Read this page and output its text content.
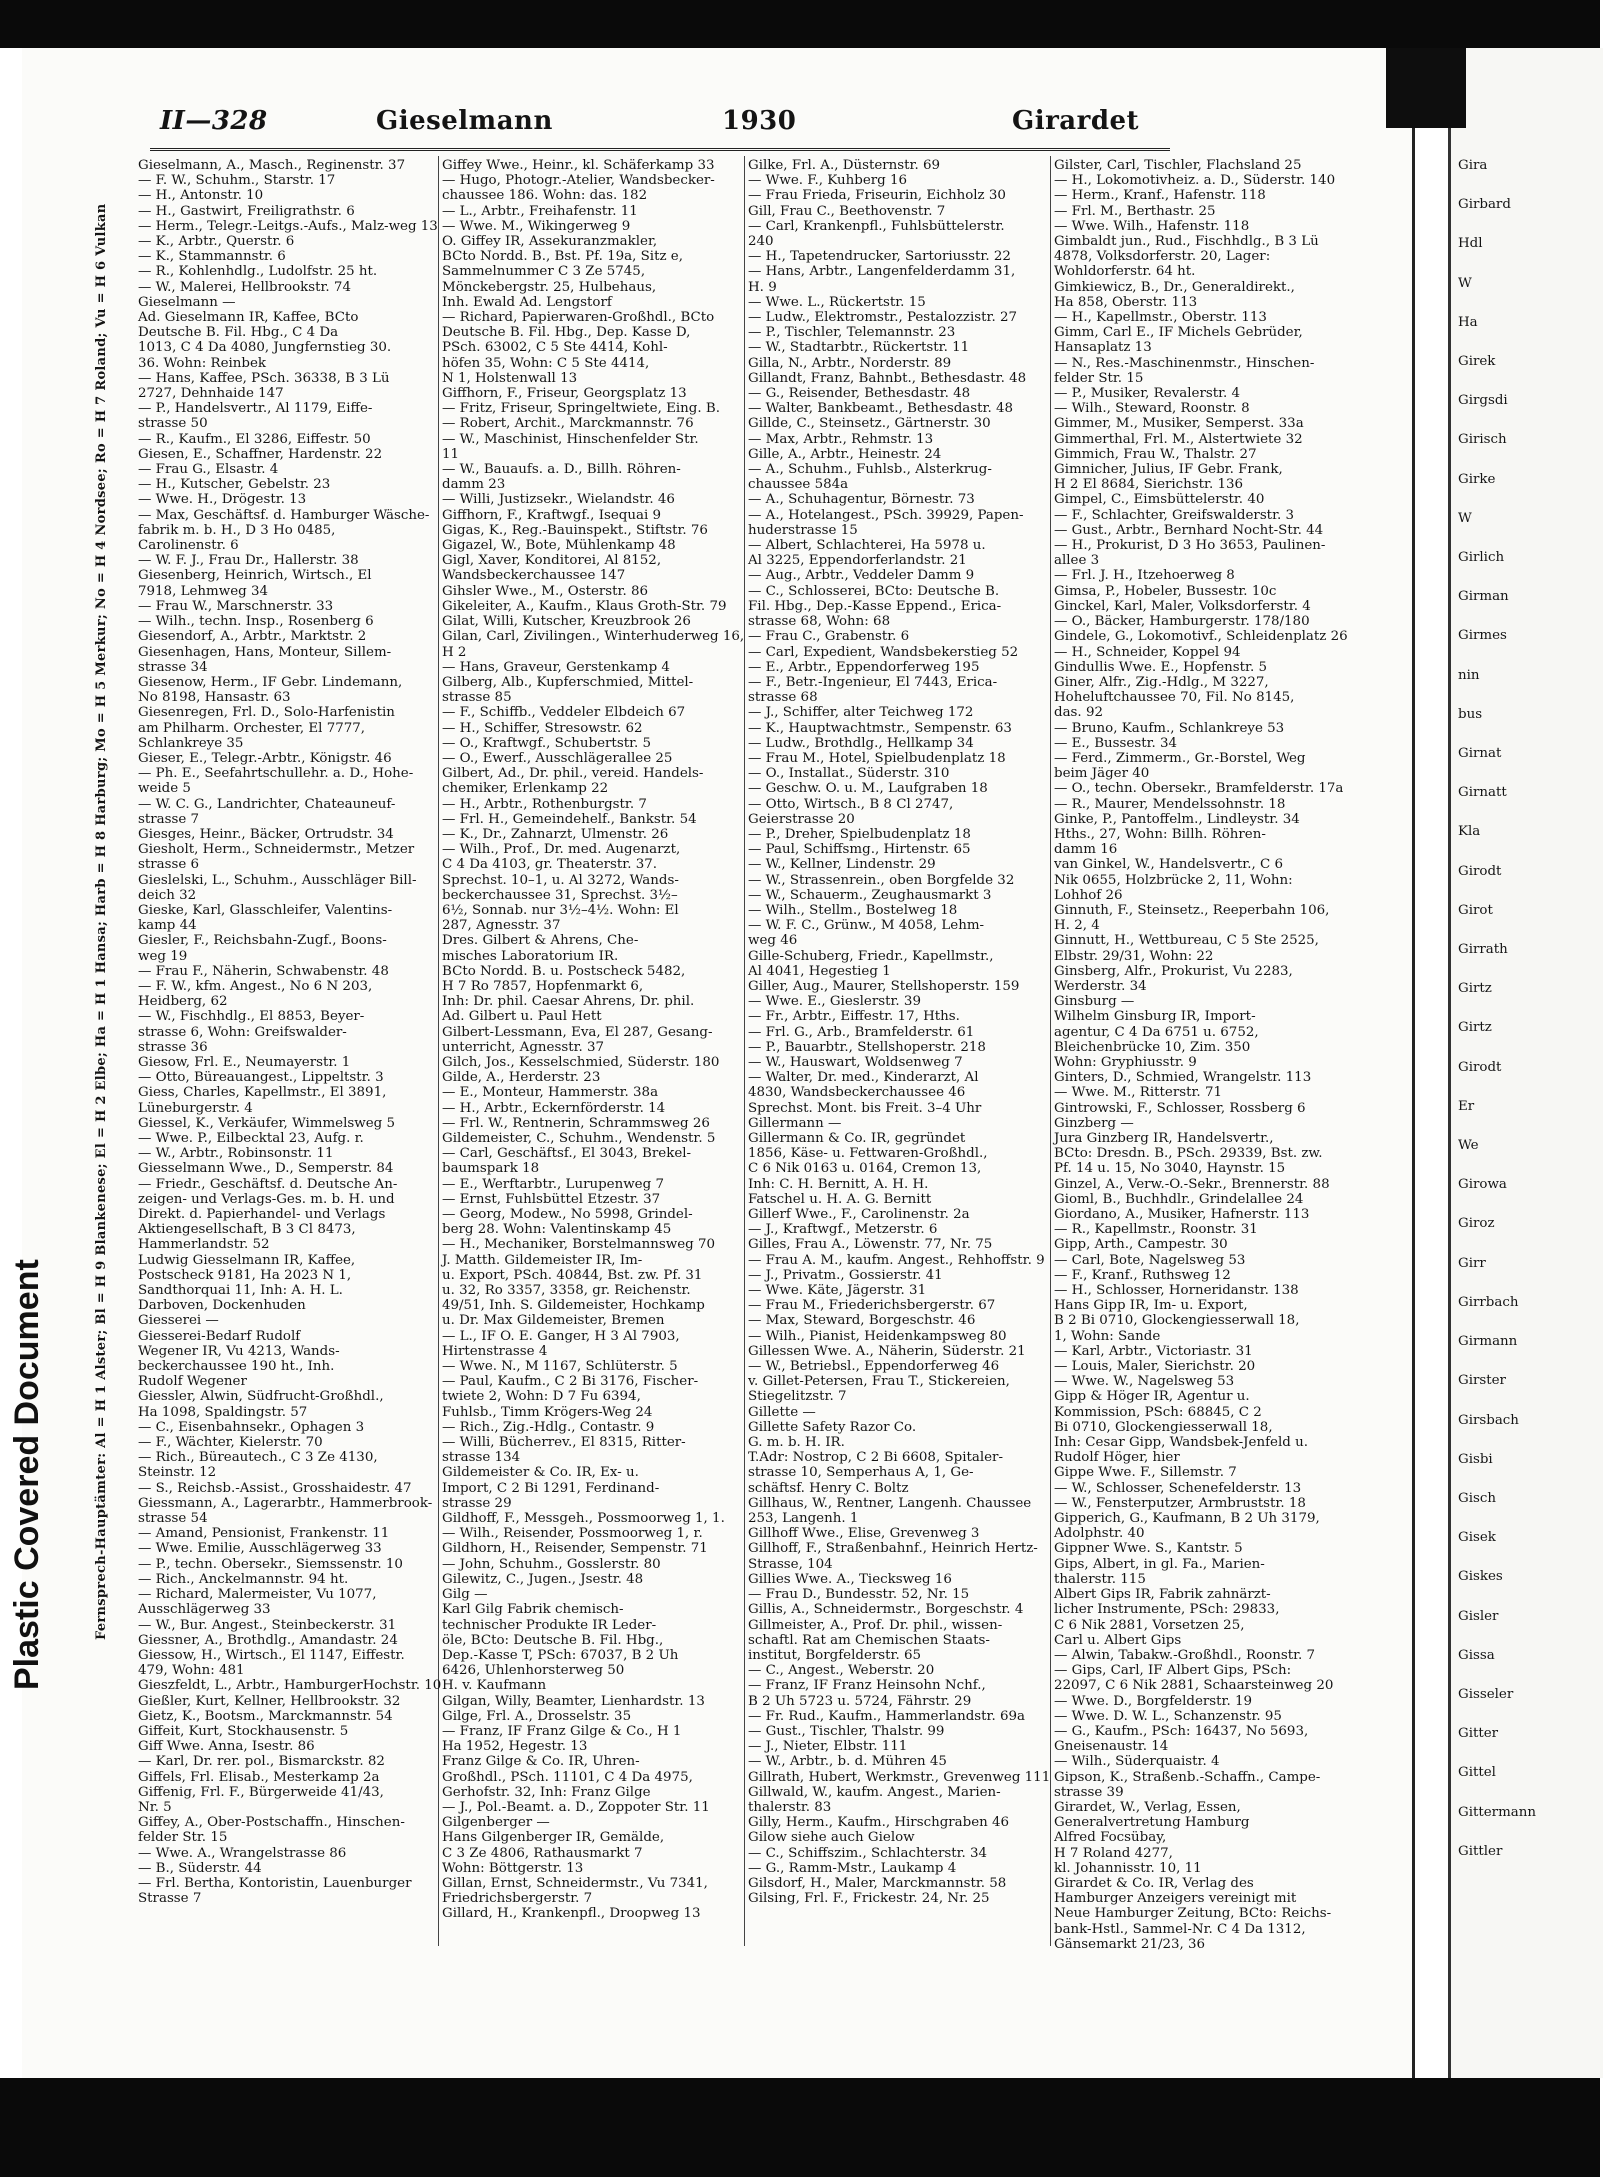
Plastic Covered Document	Fernsprech-Hauptämter: Al = H 1 Alster; Bl = H 9 Blankenese; El = H 2 Elbe; Ha = H 1 Hansa; Harb = H 8 Harburg; Mo = H 5 Merkur; No = H 4 Nordsee; Ro = H 7 Roland; Vu = H 6 Vulkan
II—328	Gieselmann	1930	Girardet

Gieselmann, A., Masch., Reginenstr. 37

— F. W., Schuhm., Starstr. 17

— H., Antonstr. 10

— H., Gastwirt, Freiligrathstr. 6

— Herm., Telegr.-Leitgs.-Aufs., Malz-weg 13

— K., Arbtr., Querstr. 6

— K., Stammannstr. 6

— R., Kohlenhdlg., Ludolfstr. 25 ht.

— W., Malerei, Hellbrookstr. 74

Gieselmann —

Ad. Gieselmann IR, Kaffee, BCto

Deutsche B. Fil. Hbg., C 4 Da

1013, C 4 Da 4080, Jungfernstieg 30.

36. Wohn: Reinbek

— Hans, Kaffee, PSch. 36338, B 3 Lü

2727, Dehnhaide 147

— P., Handelsvertr., Al 1179, Eiffe-

strasse 50

— R., Kaufm., El 3286, Eiffestr. 50

Giesen, E., Schaffner, Hardenstr. 22

— Frau G., Elsastr. 4

— H., Kutscher, Gebelstr. 23

— Wwe. H., Drögestr. 13

— Max, Geschäftsf. d. Hamburger Wäsche-

fabrik m. b. H., D 3 Ho 0485,

Carolinenstr. 6

— W. F. J., Frau Dr., Hallerstr. 38

Giesenberg, Heinrich, Wirtsch., El

7918, Lehmweg 34

— Frau W., Marschnerstr. 33

— Wilh., techn. Insp., Rosenberg 6

Giesendorf, A., Arbtr., Marktstr. 2

Giesenhagen, Hans, Monteur, Sillem-

strasse 34

Giesenow, Herm., IF Gebr. Lindemann,

No 8198, Hansastr. 63

Giesenregen, Frl. D., Solo-Harfenistin

am Philharm. Orchester, El 7777,

Schlankreye 35

Gieser, E., Telegr.-Arbtr., Königstr. 46

— Ph. E., Seefahrtschullehr. a. D., Hohe-

weide 5

— W. C. G., Landrichter, Chateauneuf-

strasse 7

Giesges, Heinr., Bäcker, Ortrudstr. 34

Giesholt, Herm., Schneidermstr., Metzer

strasse 6

Gieslelski, L., Schuhm., Ausschläger Bill-

deich 32

Gieske, Karl, Glasschleifer, Valentins-

kamp 44

Giesler, F., Reichsbahn-Zugf., Boons-

weg 19

— Frau F., Näherin, Schwabenstr. 48

— F. W., kfm. Angest., No 6 N 203,

Heidberg, 62

— W., Fischhdlg., El 8853, Beyer-

strasse 6, Wohn: Greifswalder-

strasse 36

Giesow, Frl. E., Neumayerstr. 1

— Otto, Büreauangest., Lippeltstr. 3

Giess, Charles, Kapellmstr., El 3891,

Lüneburgerstr. 4

Giessel, K., Verkäufer, Wimmelsweg 5

— Wwe. P., Eilbecktal 23, Aufg. r.

— W., Arbtr., Robinsonstr. 11

Giesselmann Wwe., D., Semperstr. 84

— Friedr., Geschäftsf. d. Deutsche An-

zeigen- und Verlags-Ges. m. b. H. und

Direkt. d. Papierhandel- und Verlags

Aktiengesellschaft, B 3 Cl 8473,

Hammerlandstr. 52

Ludwig Giesselmann IR, Kaffee,

Postscheck 9181, Ha 2023 N 1,

Sandthorquai 11, Inh: A. H. L.

Darboven, Dockenhuden

Giesserei —

Giesserei-Bedarf Rudolf

Wegener IR, Vu 4213, Wands-

beckerchaussee 190 ht., Inh.

Rudolf Wegener

Giessler, Alwin, Südfrucht-Großhdl.,

Ha 1098, Spaldingstr. 57

— C., Eisenbahnsekr., Ophagen 3

— F., Wächter, Kielerstr. 70

— Rich., Büreautech., C 3 Ze 4130,

Steinstr. 12

— S., Reichsb.-Assist., Grosshaidestr. 47

Giessmann, A., Lagerarbtr., Hammerbrook-

strasse 54

— Amand, Pensionist, Frankenstr. 11

— Wwe. Emilie, Ausschlägerweg 33

— P., techn. Obersekr., Siemssenstr. 10

— Rich., Anckelmannstr. 94 ht.

— Richard, Malermeister, Vu 1077,

Ausschlägerweg 33

— W., Bur. Angest., Steinbeckerstr. 31

Giessner, A., Brothdlg., Amandastr. 24

Giessow, H., Wirtsch., El 1147, Eiffestr.

479, Wohn: 481

Gieszfeldt, L., Arbtr., HamburgerHochstr. 10

Gießler, Kurt, Kellner, Hellbrookstr. 32

Gietz, K., Bootsm., Marckmannstr. 54

Giffeit, Kurt, Stockhausenstr. 5

Giff Wwe. Anna, Isestr. 86

— Karl, Dr. rer. pol., Bismarckstr. 82

Giffels, Frl. Elisab., Mesterkamp 2a

Giffenig, Frl. F., Bürgerweide 41/43,

Nr. 5

Giffey, A., Ober-Postschaffn., Hinschen-

felder Str. 15

— Wwe. A., Wrangelstrasse 86

— B., Süderstr. 44

— Frl. Bertha, Kontoristin, Lauenburger

Strasse 7

Giffey Wwe., Heinr., kl. Schäferkamp 33

— Hugo, Photogr.-Atelier, Wandsbecker-

chaussee 186. Wohn: das. 182

— L., Arbtr., Freihafenstr. 11

— Wwe. M., Wikingerweg 9

O. Giffey IR, Assekuranzmakler,

BCto Nordd. B., Bst. Pf. 19a, Sitz e,

Sammelnummer C 3 Ze 5745,

Mönckebergstr. 25, Hulbehaus,

Inh. Ewald Ad. Lengstorf

— Richard, Papierwaren-Großhdl., BCto

Deutsche B. Fil. Hbg., Dep. Kasse D,

PSch. 63002, C 5 Ste 4414, Kohl-

höfen 35, Wohn: C 5 Ste 4414,

N 1, Holstenwall 13

Giffhorn, F., Friseur, Georgsplatz 13

— Fritz, Friseur, Springeltwiete, Eing. B.

— Robert, Archit., Marckmannstr. 76

— W., Maschinist, Hinschenfelder Str.

11

— W., Bauaufs. a. D., Billh. Röhren-

damm 23

— Willi, Justizsekr., Wielandstr. 46

Giffhorn, F., Kraftwgf., Isequai 9

Gigas, K., Reg.-Bauinspekt., Stiftstr. 76

Gigazel, W., Bote, Mühlenkamp 48

Gigl, Xaver, Konditorei, Al 8152,

Wandsbeckerchaussee 147

Gihsler Wwe., M., Osterstr. 86

Gikeleiter, A., Kaufm., Klaus Groth-Str. 79

Gilat, Willi, Kutscher, Kreuzbrook 26

Gilan, Carl, Zivilingen., Winterhuderweg 16,

H 2

— Hans, Graveur, Gerstenkamp 4

Gilberg, Alb., Kupferschmied, Mittel-

strasse 85

— F., Schiffb., Veddeler Elbdeich 67

— H., Schiffer, Stresowstr. 62

— O., Kraftwgf., Schubertstr. 5

— O., Ewerf., Ausschlägerallee 25

Gilbert, Ad., Dr. phil., vereid. Handels-

chemiker, Erlenkamp 22

— H., Arbtr., Rothenburgstr. 7

— Frl. H., Gemeindehelf., Bankstr. 54

— K., Dr., Zahnarzt, Ulmenstr. 26

— Wilh., Prof., Dr. med. Augenarzt,

C 4 Da 4103, gr. Theaterstr. 37.

Sprechst. 10–1, u. Al 3272, Wands-

beckerchaussee 31, Sprechst. 3½–

6½, Sonnab. nur 3½–4½. Wohn: El

287, Agnesstr. 37

Dres. Gilbert & Ahrens, Che-

misches Laboratorium IR.

BCto Nordd. B. u. Postscheck 5482,

H 7 Ro 7857, Hopfenmarkt 6,

Inh: Dr. phil. Caesar Ahrens, Dr. phil.

Ad. Gilbert u. Paul Hett

Gilbert-Lessmann, Eva, El 287, Gesang-

unterricht, Agnesstr. 37

Gilch, Jos., Kesselschmied, Süderstr. 180

Gilde, A., Herderstr. 23

— E., Monteur, Hammerstr. 38a

— H., Arbtr., Eckernförderstr. 14

— Frl. W., Rentnerin, Schrammsweg 26

Gildemeister, C., Schuhm., Wendenstr. 5

— Carl, Geschäftsf., El 3043, Brekel-

baumspark 18

— E., Werftarbtr., Lurupenweg 7

— Ernst, Fuhlsbüttel Etzestr. 37

— Georg, Modew., No 5998, Grindel-

berg 28. Wohn: Valentinskamp 45

— H., Mechaniker, Borstelmannsweg 70

J. Matth. Gildemeister IR, Im-

u. Export, PSch. 40844, Bst. zw. Pf. 31

u. 32, Ro 3357, 3358, gr. Reichenstr.

49/51, Inh. S. Gildemeister, Hochkamp

u. Dr. Max Gildemeister, Bremen

— L., IF O. E. Ganger, H 3 Al 7903,

Hirtenstrasse 4

— Wwe. N., M 1167, Schlüterstr. 5

— Paul, Kaufm., C 2 Bi 3176, Fischer-

twiete 2, Wohn: D 7 Fu 6394,

Fuhlsb., Timm Krögers-Weg 24

— Rich., Zig.-Hdlg., Contastr. 9

— Willi, Bücherrev., El 8315, Ritter-

strasse 134

Gildemeister & Co. IR, Ex- u.

Import, C 2 Bi 1291, Ferdinand-

strasse 29

Gildhoff, F., Messgeh., Possmoorweg 1, 1.

— Wilh., Reisender, Possmoorweg 1, r.

Gildhorn, H., Reisender, Sempenstr. 71

— John, Schuhm., Gosslerstr. 80

Gilewitz, C., Jugen., Jsestr. 48

Gilg —

Karl Gilg Fabrik chemisch-

technischer Produkte IR Leder-

öle, BCto: Deutsche B. Fil. Hbg.,

Dep.-Kasse T, PSch: 67037, B 2 Uh

6426, Uhlenhorsterweg 50

H. v. Kaufmann

Gilgan, Willy, Beamter, Lienhardstr. 13

Gilge, Frl. A., Drosselstr. 35

— Franz, IF Franz Gilge & Co., H 1

Ha 1952, Hegestr. 13

Franz Gilge & Co. IR, Uhren-

Großhdl., PSch. 11101, C 4 Da 4975,

Gerhofstr. 32, Inh: Franz Gilge

— J., Pol.-Beamt. a. D., Zoppoter Str. 11

Gilgenberger —

Hans Gilgenberger IR, Gemälde,

C 3 Ze 4806, Rathausmarkt 7

Wohn: Böttgerstr. 13

Gillan, Ernst, Schneidermstr., Vu 7341,

Friedrichsbergerstr. 7

Gillard, H., Krankenpfl., Droopweg 13

Gilke, Frl. A., Düsternstr. 69

— Wwe. F., Kuhberg 16

— Frau Frieda, Friseurin, Eichholz 30

Gill, Frau C., Beethovenstr. 7

— Carl, Krankenpfl., Fuhlsbüttelerstr.

240

— H., Tapetendrucker, Sartoriusstr. 22

— Hans, Arbtr., Langenfelderdamm 31,

H. 9

— Wwe. L., Rückertstr. 15

— Ludw., Elektromstr., Pestalozzistr. 27

— P., Tischler, Telemannstr. 23

— W., Stadtarbtr., Rückertstr. 11

Gilla, N., Arbtr., Norderstr. 89

Gillandt, Franz, Bahnbt., Bethesdastr. 48

— G., Reisender, Bethesdastr. 48

— Walter, Bankbeamt., Bethesdastr. 48

Gillde, C., Steinsetz., Gärtnerstr. 30

— Max, Arbtr., Rehmstr. 13

Gille, A., Arbtr., Heinestr. 24

— A., Schuhm., Fuhlsb., Alsterkrug-

chaussee 584a

— A., Schuhagentur, Börnestr. 73

— A., Hotelangest., PSch. 39929, Papen-

huderstrasse 15

— Albert, Schlachterei, Ha 5978 u.

Al 3225, Eppendorferlandstr. 21

— Aug., Arbtr., Veddeler Damm 9

— C., Schlosserei, BCto: Deutsche B.

Fil. Hbg., Dep.-Kasse Eppend., Erica-

strasse 68, Wohn: 68

— Frau C., Grabenstr. 6

— Carl, Expedient, Wandsbekerstieg 52

— E., Arbtr., Eppendorferweg 195

— F., Betr.-Ingenieur, El 7443, Erica-

strasse 68

— J., Schiffer, alter Teichweg 172

— K., Hauptwachtmstr., Sempenstr. 63

— Ludw., Brothdlg., Hellkamp 34

— Frau M., Hotel, Spielbudenplatz 18

— O., Installat., Süderstr. 310

— Geschw. O. u. M., Laufgraben 18

— Otto, Wirtsch., B 8 Cl 2747,

Geierstrasse 20

— P., Dreher, Spielbudenplatz 18

— Paul, Schiffsmg., Hirtenstr. 65

— W., Kellner, Lindenstr. 29

— W., Strassenrein., oben Borgfelde 32

— W., Schauerm., Zeughausmarkt 3

— Wilh., Stellm., Bostelweg 18

— W. F. C., Grünw., M 4058, Lehm-

weg 46

Gille-Schuberg, Friedr., Kapellmstr.,

Al 4041, Hegestieg 1

Giller, Aug., Maurer, Stellshoperstr. 159

— Wwe. E., Gieslerstr. 39

— Fr., Arbtr., Eiffestr. 17, Hths.

— Frl. G., Arb., Bramfelderstr. 61

— P., Bauarbtr., Stellshoperstr. 218

— W., Hauswart, Woldsenweg 7

— Walter, Dr. med., Kinderarzt, Al

4830, Wandsbeckerchaussee 46

Sprechst. Mont. bis Freit. 3–4 Uhr

Gillermann —

Gillermann & Co. IR, gegründet

1856, Käse- u. Fettwaren-Großhdl.,

C 6 Nik 0163 u. 0164, Cremon 13,

Inh: C. H. Bernitt, A. H. H.

Fatschel u. H. A. G. Bernitt

Gillerf Wwe., F., Carolinenstr. 2a

— J., Kraftwgf., Metzerstr. 6

Gilles, Frau A., Löwenstr. 77, Nr. 75

— Frau A. M., kaufm. Angest., Rehhoffstr. 9

— J., Privatm., Gossierstr. 41

— Wwe. Käte, Jägerstr. 31

— Frau M., Friederichsbergerstr. 67

— Max, Steward, Borgeschstr. 46

— Wilh., Pianist, Heidenkampsweg 80

Gillessen Wwe. A., Näherin, Süderstr. 21

— W., Betriebsl., Eppendorferweg 46

v. Gillet-Petersen, Frau T., Stickereien,

Stiegelitzstr. 7

Gillette —

Gillette Safety Razor Co.

G. m. b. H. IR.

T.Adr: Nostrop, C 2 Bi 6608, Spitaler-

strasse 10, Semperhaus A, 1, Ge-

schäftsf. Henry C. Boltz

Gillhaus, W., Rentner, Langenh. Chaussee

253, Langenh. 1

Gillhoff Wwe., Elise, Grevenweg 3

Gillhoff, F., Straßenbahnf., Heinrich Hertz-

Strasse, 104

Gillies Wwe. A., Tiecksweg 16

— Frau D., Bundesstr. 52, Nr. 15

Gillis, A., Schneidermstr., Borgeschstr. 4

Gillmeister, A., Prof. Dr. phil., wissen-

schaftl. Rat am Chemischen Staats-

institut, Borgfelderstr. 65

— C., Angest., Weberstr. 20

— Franz, IF Franz Heinsohn Nchf.,

B 2 Uh 5723 u. 5724, Fährstr. 29

— Fr. Rud., Kaufm., Hammerlandstr. 69a

— Gust., Tischler, Thalstr. 99

— J., Nieter, Elbstr. 111

— W., Arbtr., b. d. Mühren 45

Gillrath, Hubert, Werkmstr., Grevenweg 111

Gillwald, W., kaufm. Angest., Marien-

thalerstr. 83

Gilly, Herm., Kaufm., Hirschgraben 46

Gilow siehe auch Gielow

— C., Schiffszim., Schlachterstr. 34

— G., Ramm-Mstr., Laukamp 4

Gilsdorf, H., Maler, Marckmannstr. 58

Gilsing, Frl. F., Frickestr. 24, Nr. 25

Gilster, Carl, Tischler, Flachsland 25

— H., Lokomotivheiz. a. D., Süderstr. 140

— Herm., Kranf., Hafenstr. 118

— Frl. M., Berthastr. 25

— Wwe. Wilh., Hafenstr. 118

Gimbaldt jun., Rud., Fischhdlg., B 3 Lü

4878, Volksdorferstr. 20, Lager:

Wohldorferstr. 64 ht.

Gimkiewicz, B., Dr., Generaldirekt.,

Ha 858, Oberstr. 113

— H., Kapellmstr., Oberstr. 113

Gimm, Carl E., IF Michels Gebrüder,

Hansaplatz 13

— N., Res.-Maschinenmstr., Hinschen-

felder Str. 15

— P., Musiker, Revalerstr. 4

— Wilh., Steward, Roonstr. 8

Gimmer, M., Musiker, Semperst. 33a

Gimmerthal, Frl. M., Alstertwiete 32

Gimmich, Frau W., Thalstr. 27

Gimnicher, Julius, IF Gebr. Frank,

H 2 El 8684, Sierichstr. 136

Gimpel, C., Eimsbüttelerstr. 40

— F., Schlachter, Greifswalderstr. 3

— Gust., Arbtr., Bernhard Nocht-Str. 44

— H., Prokurist, D 3 Ho 3653, Paulinen-

allee 3

— Frl. J. H., Itzehoerweg 8

Gimsa, P., Hobeler, Bussestr. 10c

Ginckel, Karl, Maler, Volksdorferstr. 4

— O., Bäcker, Hamburgerstr. 178/180

Gindele, G., Lokomotivf., Schleidenplatz 26

— H., Schneider, Koppel 94

Gindullis Wwe. E., Hopfenstr. 5

Giner, Alfr., Zig.-Hdlg., M 3227,

Hoheluftchaussee 70, Fil. No 8145,

das. 92

— Bruno, Kaufm., Schlankreye 53

— E., Bussestr. 34

— Ferd., Zimmerm., Gr.-Borstel, Weg

beim Jäger 40

— O., techn. Obersekr., Bramfelderstr. 17a

— R., Maurer, Mendelssohnstr. 18

Ginke, P., Pantoffelm., Lindleystr. 34

Hths., 27, Wohn: Billh. Röhren-

damm 16

van Ginkel, W., Handelsvertr., C 6

Nik 0655, Holzbrücke 2, 11, Wohn:

Lohhof 26

Ginnuth, F., Steinsetz., Reeperbahn 106,

H. 2, 4

Ginnutt, H., Wettbureau, C 5 Ste 2525,

Elbstr. 29/31, Wohn: 22

Ginsberg, Alfr., Prokurist, Vu 2283,

Werderstr. 34

Ginsburg —

Wilhelm Ginsburg IR, Import-

agentur, C 4 Da 6751 u. 6752,

Bleichenbrücke 10, Zim. 350

Wohn: Gryphiusstr. 9

Ginters, D., Schmied, Wrangelstr. 113

— Wwe. M., Ritterstr. 71

Gintrowski, F., Schlosser, Rossberg 6

Ginzberg —

Jura Ginzberg IR, Handelsvertr.,

BCto: Dresdn. B., PSch. 29339, Bst. zw.

Pf. 14 u. 15, No 3040, Haynstr. 15

Ginzel, A., Verw.-O.-Sekr., Brennerstr. 88

Gioml, B., Buchhdlr., Grindelallee 24

Giordano, A., Musiker, Hafnerstr. 113

— R., Kapellmstr., Roonstr. 31

Gipp, Arth., Campestr. 30

— Carl, Bote, Nagelsweg 53

— F., Kranf., Ruthsweg 12

— H., Schlosser, Horneridanstr. 138

Hans Gipp IR, Im- u. Export,

B 2 Bi 0710, Glockengiesserwall 18,

1, Wohn: Sande

— Karl, Arbtr., Victoriastr. 31

— Louis, Maler, Sierichstr. 20

— Wwe. W., Nagelsweg 53

Gipp & Höger IR, Agentur u.

Kommission, PSch: 68845, C 2

Bi 0710, Glockengiesserwall 18,

Inh: Cesar Gipp, Wandsbek-Jenfeld u.

Rudolf Höger, hier

Gippe Wwe. F., Sillemstr. 7

— W., Schlosser, Schenefelderstr. 13

— W., Fensterputzer, Armbruststr. 18

Gipperich, G., Kaufmann, B 2 Uh 3179,

Adolphstr. 40

Gippner Wwe. S., Kantstr. 5

Gips, Albert, in gl. Fa., Marien-

thalerstr. 115

Albert Gips IR, Fabrik zahnärzt-

licher Instrumente, PSch: 29833,

C 6 Nik 2881, Vorsetzen 25,

Carl u. Albert Gips

— Alwin, Tabakw.-Großhdl., Roonstr. 7

— Gips, Carl, IF Albert Gips, PSch:

22097, C 6 Nik 2881, Schaarsteinweg 20

— Wwe. D., Borgfelderstr. 19

— Wwe. D. W. L., Schanzenstr. 95

— G., Kaufm., PSch: 16437, No 5693,

Gneisenaustr. 14

— Wilh., Süderquaistr. 4

Gipson, K., Straßenb.-Schaffn., Campe-

strasse 39

Girardet, W., Verlag, Essen,

Generalvertretung Hamburg

Alfred Focsübay,

H 7 Roland 4277,

kl. Johannisstr. 10, 11

Girardet & Co. IR, Verlag des

Hamburger Anzeigers vereinigt mit

Neue Hamburger Zeitung, BCto: Reichs-

bank-Hstl., Sammel-Nr. C 4 Da 1312,

Gänsemarkt 21/23, 36

Gira

Girbard

Hdl

W

Ha

Girek

Girgsdi

Girisch

Girke

W

Girlich

Girman

Girmes

nin

bus

Girnat

Girnatt

Kla

Girodt

Girot

Girrath

Girtz

Girtz

Girodt

Er

We

Girowa

Giroz

Girr

Girrbach

Girmann

Girster

Girsbach

Gisbi

Gisch

Gisek

Giskes

Gisler

Gissa

Gisseler

Gitter

Gittel

Gittermann

Gittler
